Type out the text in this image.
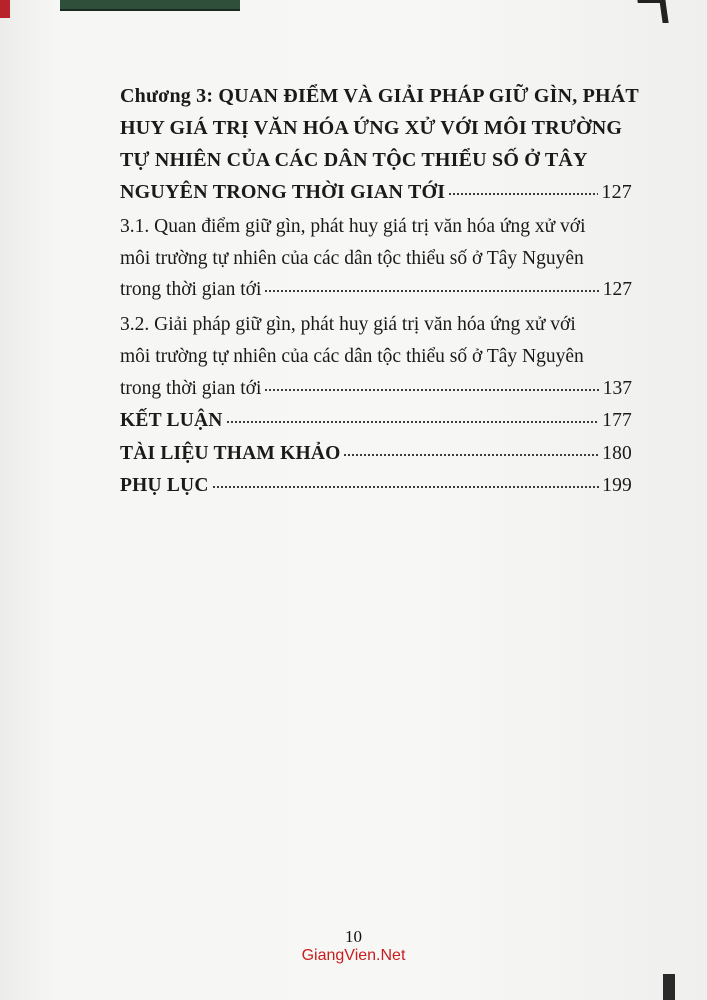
Chương 3: QUAN ĐIỂM VÀ GIẢI PHÁP GIỮ GÌN, PHÁT
HUY GIÁ TRỊ VĂN HÓA ỨNG XỬ VỚI MÔI TRƯỜNG
TỰ NHIÊN CỦA CÁC DÂN TỘC THIỂU SỐ Ở TÂY
NGUYÊN TRONG THỜI GIAN TỚI	127
3.1. Quan điểm giữ gìn, phát huy giá trị văn hóa ứng xử với
môi trường tự nhiên của các dân tộc thiểu số ở Tây Nguyên
trong thời gian tới	127
3.2. Giải pháp giữ gìn, phát huy giá trị văn hóa ứng xử với
môi trường tự nhiên của các dân tộc thiểu số ở Tây Nguyên
trong thời gian tới	137
KẾT LUẬN	177
TÀI LIỆU THAM KHẢO	180
PHỤ LỤC	199
10
GiangVien.Net
